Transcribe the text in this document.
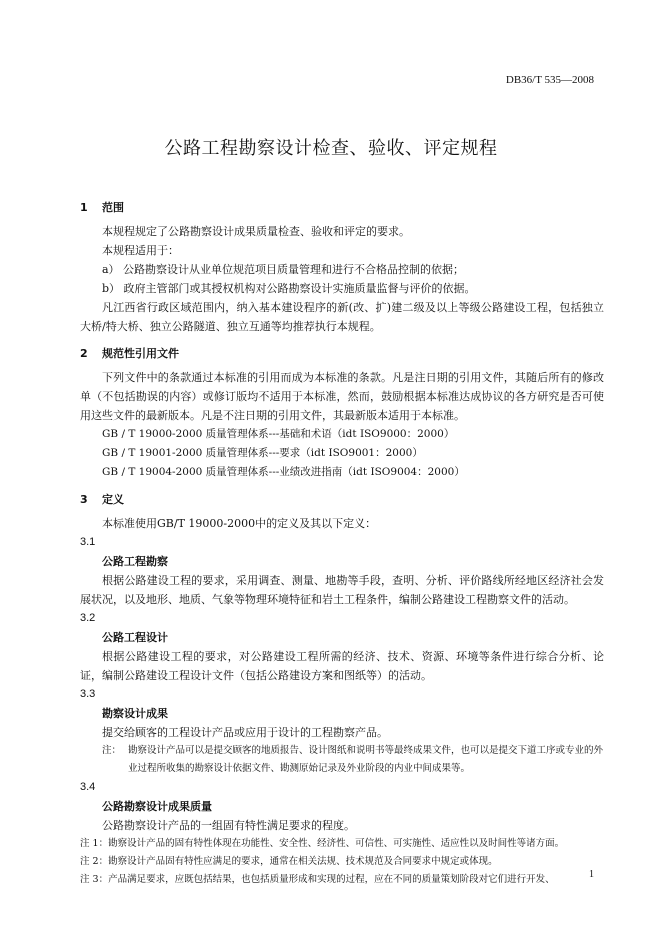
DB36/T 535—2008
公路工程勘察设计检查、验收、评定规程
1 范围

本规程规定了公路勘察设计成果质量检查、验收和评定的要求。

本规程适用于：

a） 公路勘察设计从业单位规范项目质量管理和进行不合格品控制的依据；

b） 政府主管部门或其授权机构对公路勘察设计实施质量监督与评价的依据。

凡江西省行政区域范围内，纳入基本建设程序的新(改、扩)建二级及以上等级公路建设工程，包括独立大桥/特大桥、独立公路隧道、独立互通等均推荐执行本规程。

2 规范性引用文件

下列文件中的条款通过本标准的引用而成为本标准的条款。凡是注日期的引用文件，其随后所有的修改单（不包括勘误的内容）或修订版均不适用于本标准，然而，鼓励根据本标准达成协议的各方研究是否可使用这些文件的最新版本。凡是不注日期的引用文件，其最新版本适用于本标准。

GB / T 19000-2000 质量管理体系---基础和术语（idt ISO9000：2000）

GB / T 19001-2000 质量管理体系---要求（idt ISO9001：2000）

GB / T 19004-2000 质量管理体系---业绩改进指南（idt ISO9004：2000）

3 定义

本标准使用GB/T 19000-2000中的定义及其以下定义：

3.1

公路工程勘察

根据公路建设工程的要求，采用调查、测量、地勘等手段，查明、分析、评价路线所经地区经济社会发展状况，以及地形、地质、气象等物理环境特征和岩土工程条件，编制公路建设工程勘察文件的活动。

3.2

公路工程设计

根据公路建设工程的要求，对公路建设工程所需的经济、技术、资源、环境等条件进行综合分析、论证，编制公路建设工程设计文件（包括公路建设方案和图纸等）的活动。

3.3

勘察设计成果

提交给顾客的工程设计产品或应用于设计的工程勘察产品。

注： 勘察设计产品可以是提交顾客的地质报告、设计图纸和说明书等最终成果文件，也可以是提交下道工序或专业的外业过程所收集的勘察设计依据文件、勘测原始记录及外业阶段的内业中间成果等。

3.4

公路勘察设计成果质量

公路勘察设计产品的一组固有特性满足要求的程度。

注 1：勘察设计产品的固有特性体现在功能性、安全性、经济性、可信性、可实施性、适应性以及时间性等诸方面。

注 2：勘察设计产品固有特性应满足的要求，通常在相关法规、技术规范及合同要求中规定或体现。

注 3：产品满足要求，应既包括结果，也包括质量形成和实现的过程，应在不同的质量策划阶段对它们进行开发、	1
